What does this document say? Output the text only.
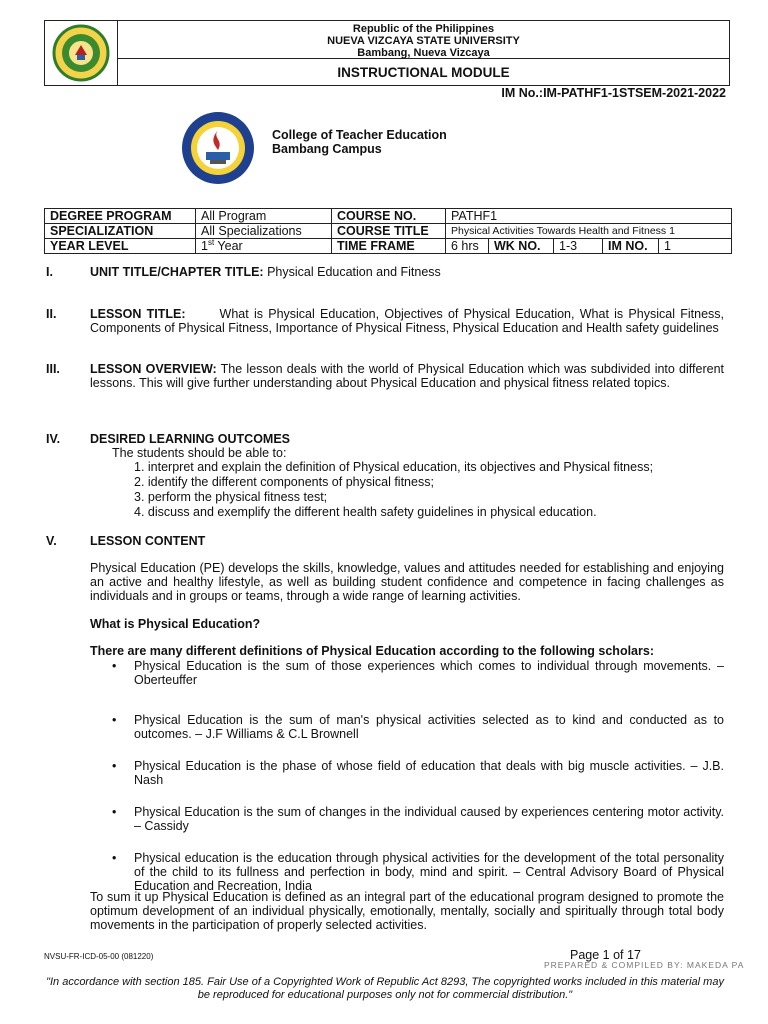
Republic of the Philippines
NUEVA VIZCAYA STATE UNIVERSITY
Bambang, Nueva Vizcaya
INSTRUCTIONAL MODULE
IM No.:IM-PATHF1-1STSEM-2021-2022
College of Teacher Education
Bambang Campus
DEGREE PROGRAM	All Program	COURSE NO.	PATHF1				
SPECIALIZATION	All Specializations	COURSE TITLE	Physical Activities Towards Health and Fitness 1				
YEAR LEVEL	1st Year	TIME FRAME	6 hrs	WK NO.	1-3	IM NO.	1
I.	UNIT TITLE/CHAPTER TITLE: Physical Education and Fitness
II.	LESSON TITLE:	What is Physical Education, Objectives of Physical Education, What is Physical Fitness, Components of Physical Fitness, Importance of Physical Fitness, Physical Education and Health safety guidelines
III. LESSON OVERVIEW: The lesson deals with the world of Physical Education which was subdivided into different lessons. This will give further understanding about Physical Education and physical fitness related topics.
IV. DESIRED LEARNING OUTCOMES
The students should be able to:
1. interpret and explain the definition of Physical education, its objectives and Physical fitness;
2. identify the different components of physical fitness;
3. perform the physical fitness test;
4. discuss and exemplify the different health safety guidelines in physical education.
V.	LESSON CONTENT
Physical Education (PE) develops the skills, knowledge, values and attitudes needed for establishing and enjoying an active and healthy lifestyle, as well as building student confidence and competence in facing challenges as individuals and in groups or teams, through a wide range of learning activities.
What is Physical Education?
There are many different definitions of Physical Education according to the following scholars:
• Physical Education is the sum of those experiences which comes to individual through movements. – Oberteuffer
• Physical Education is the sum of man's physical activities selected as to kind and conducted as to outcomes. – J.F Williams & C.L Brownell
• Physical Education is the phase of whose field of education that deals with big muscle activities. – J.B. Nash
• Physical Education is the sum of changes in the individual caused by experiences centering motor activity. – Cassidy
• Physical education is the education through physical activities for the development of the total personality of the child to its fullness and perfection in body, mind and spirit. – Central Advisory Board of Physical Education and Recreation, India
To sum it up Physical Education is defined as an integral part of the educational program designed to promote the optimum development of an individual physically, emotionally, mentally, socially and spiritually through total body movements in the participation of properly selected activities.
NVSU-FR-ICD-05-00 (081220)	Page 1 of 17
PREPARED & COMPILED BY: MAKEDA PA
"In accordance with section 185. Fair Use of a Copyrighted Work of Republic Act 8293, The copyrighted works included in this material may be reproduced for educational purposes only not for commercial distribution."
